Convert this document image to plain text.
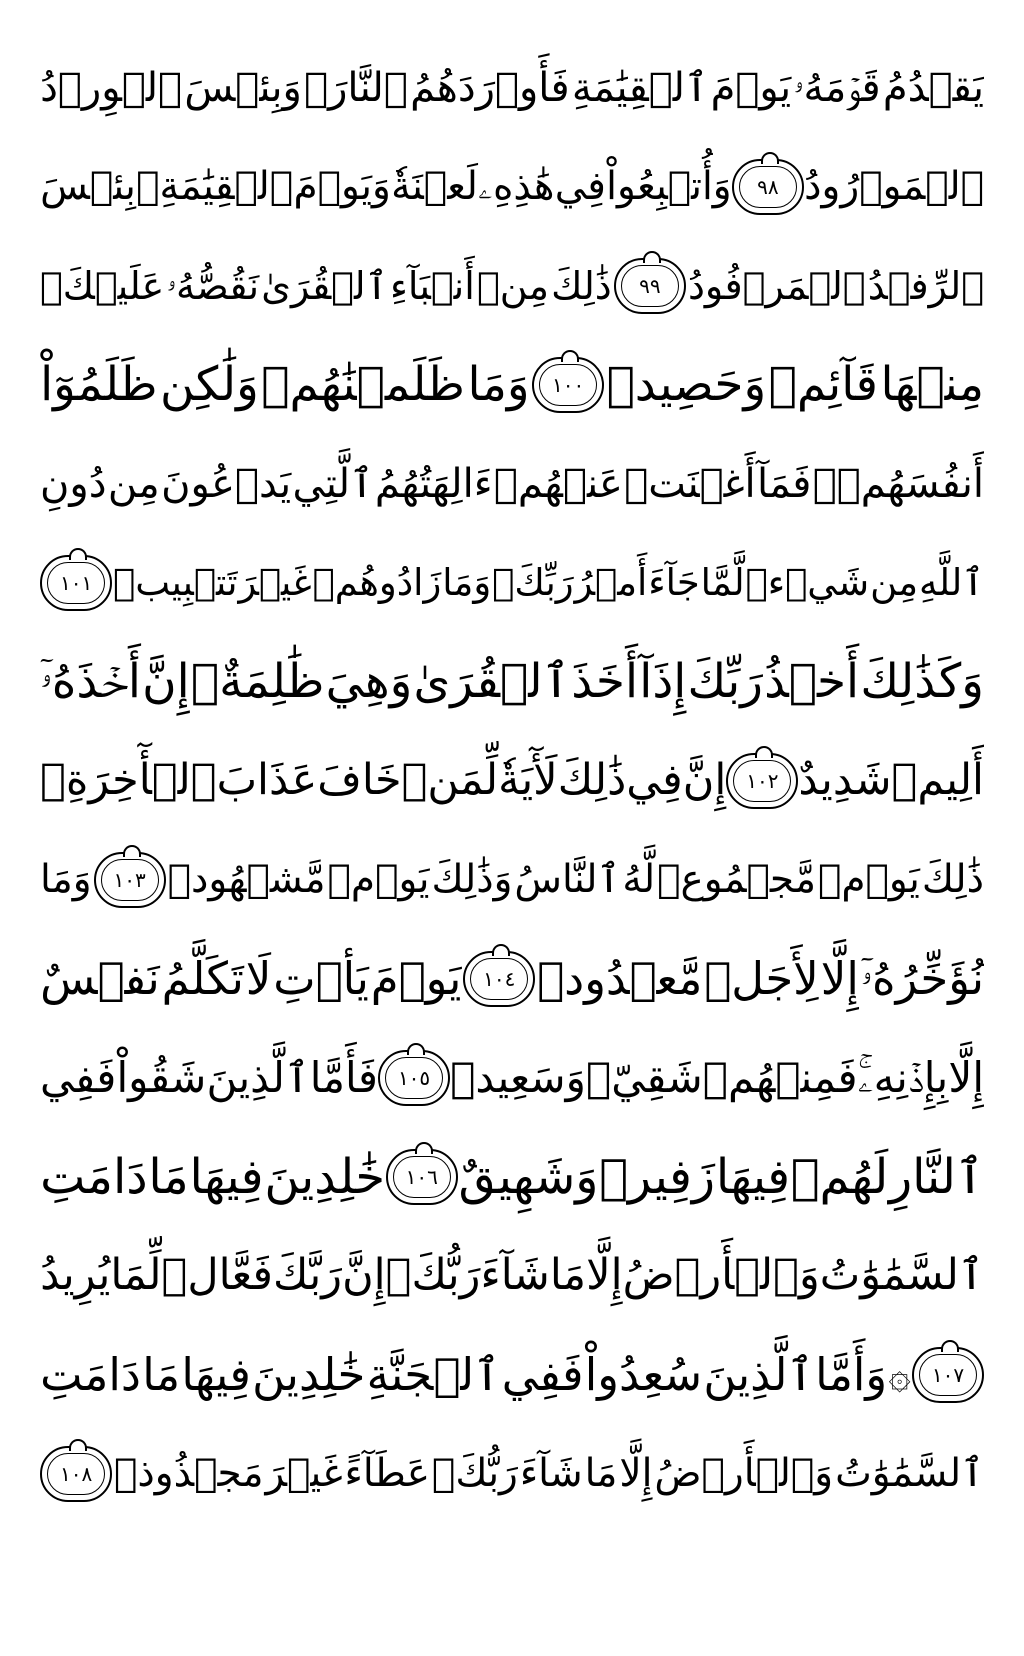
يَقۡدُمُ
قَوۡمَهُۥ
يَوۡمَ
ٱلۡقِيَٰمَةِ
فَأَوۡرَدَهُمُ
ٱلنَّارَۖ
وَبِئۡسَ
ٱلۡوِرۡدُ
ٱلۡمَوۡرُودُ
٩٨
وَأُتۡبِعُواْ
فِي
هَٰذِهِۦ
لَعۡنَةٗ
وَيَوۡمَ
ٱلۡقِيَٰمَةِۚ
بِئۡسَ
ٱلرِّفۡدُ
ٱلۡمَرۡفُودُ
٩٩
ذَٰلِكَ
مِنۡ
أَنۢبَآءِ
ٱلۡقُرَىٰ
نَقُصُّهُۥ
عَلَيۡكَۖ
مِنۡهَا
قَآئِمٞ
وَحَصِيدٞ
١٠٠
وَمَا
ظَلَمۡنَٰهُمۡ
وَلَٰكِن
ظَلَمُوٓاْ
أَنفُسَهُمۡۖ
فَمَآ
أَغۡنَتۡ
عَنۡهُمۡ
ءَالِهَتُهُمُ
ٱلَّتِي
يَدۡعُونَ
مِن
دُونِ
ٱللَّهِ
مِن
شَيۡءٖ
لَّمَّا
جَآءَ
أَمۡرُ
رَبِّكَۖ
وَمَا
زَادُوهُمۡ
غَيۡرَ
تَتۡبِيبٖ
١٠١
وَكَذَٰلِكَ
أَخۡذُ
رَبِّكَ
إِذَآ
أَخَذَ
ٱلۡقُرَىٰ
وَهِيَ
ظَٰلِمَةٌۚ
إِنَّ
أَخۡذَهُۥٓ
أَلِيمٞ
شَدِيدٌ
١٠٢
إِنَّ
فِي
ذَٰلِكَ
لَأٓيَةٗ
لِّمَنۡ
خَافَ
عَذَابَ
ٱلۡأٓخِرَةِۚ
ذَٰلِكَ
يَوۡمٞ
مَّجۡمُوعٞ
لَّهُ
ٱلنَّاسُ
وَذَٰلِكَ
يَوۡمٞ
مَّشۡهُودٞ
١٠٣
وَمَا
نُؤَخِّرُهُۥٓ
إِلَّا
لِأَجَلٖ
مَّعۡدُودٖ
١٠٤
يَوۡمَ
يَأۡتِ
لَا
تَكَلَّمُ
نَفۡسٌ
إِلَّا
بِإِذۡنِهِۦۚ
فَمِنۡهُمۡ
شَقِيّٞ
وَسَعِيدٞ
١٠٥
فَأَمَّا
ٱلَّذِينَ
شَقُواْ
فَفِي
ٱلنَّارِ
لَهُمۡ
فِيهَا
زَفِيرٞ
وَشَهِيقٌ
١٠٦
خَٰلِدِينَ
فِيهَا
مَا
دَامَتِ
ٱلسَّمَٰوَٰتُ
وَٱلۡأَرۡضُ
إِلَّا
مَا
شَآءَ
رَبُّكَۚ
إِنَّ
رَبَّكَ
فَعَّالٞ
لِّمَا
يُرِيدُ
١٠٧
۞
وَأَمَّا
ٱلَّذِينَ
سُعِدُواْ
فَفِي
ٱلۡجَنَّةِ
خَٰلِدِينَ
فِيهَا
مَا
دَامَتِ
ٱلسَّمَٰوَٰتُ
وَٱلۡأَرۡضُ
إِلَّا
مَا
شَآءَ
رَبُّكَۖ
عَطَآءً
غَيۡرَ
مَجۡذُوذٖ
١٠٨
